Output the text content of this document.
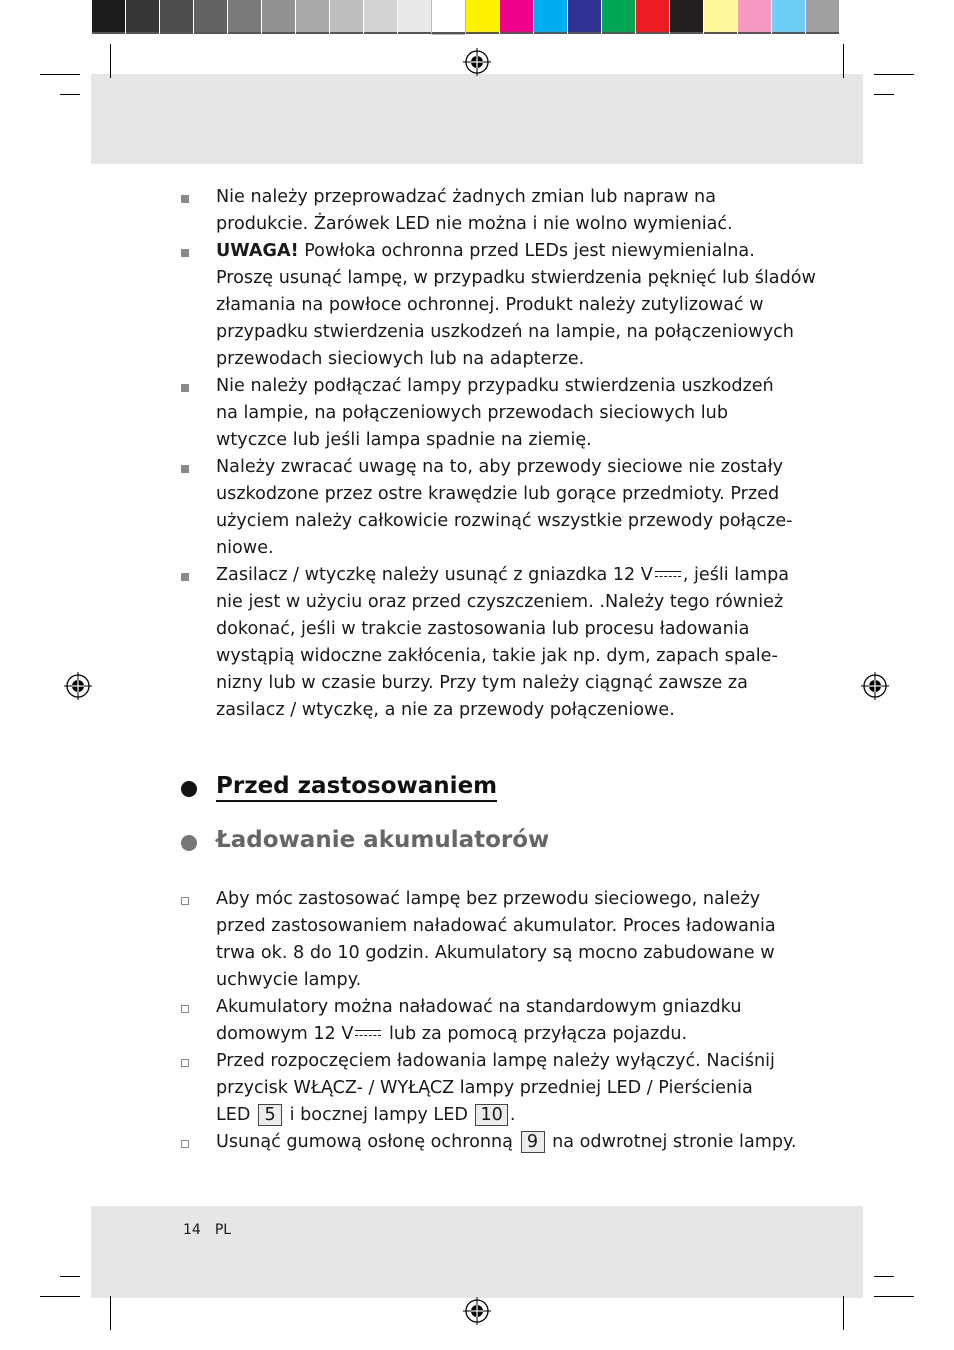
Nie należy przeprowadzać żadnych zmian lub napraw na
produkcie. Żarówek LED nie można i nie wolno wymieniać.
UWAGA! Powłoka ochronna przed LEDs jest niewymienialna.
Proszę usunąć lampę, w przypadku stwierdzenia pęknięć lub śladów
złamania na powłoce ochronnej. Produkt należy zutylizować w
przypadku stwierdzenia uszkodzeń na lampie, na połączeniowych
przewodach sieciowych lub na adapterze.
Nie należy podłączać lampy przypadku stwierdzenia uszkodzeń
na lampie, na połączeniowych przewodach sieciowych lub
wtyczce lub jeśli lampa spadnie na ziemię.
Należy zwracać uwagę na to, aby przewody sieciowe nie zostały
uszkodzone przez ostre krawędzie lub gorące przedmioty. Przed
użyciem należy całkowicie rozwinąć wszystkie przewody połącze-
niowe.
Zasilacz / wtyczkę należy usunąć z gniazdka 12 V , jeśli lampa
nie jest w użyciu oraz przed czyszczeniem. .Należy tego również
dokonać, jeśli w trakcie zastosowania lub procesu ładowania
wystąpią widoczne zakłócenia, takie jak np. dym, zapach spale-
nizny lub w czasie burzy. Przy tym należy ciągnąć zawsze za
zasilacz / wtyczkę, a nie za przewody połączeniowe.
Przed zastosowaniem
Ładowanie akumulatorów
Aby móc zastosować lampę bez przewodu sieciowego, należy
przed zastosowaniem naładować akumulator. Proces ładowania
trwa ok. 8 do 10 godzin. Akumulatory są mocno zabudowane w
uchwycie lampy.
Akumulatory można naładować na standardowym gniazdku
domowym 12 V lub za pomocą przyłącza pojazdu.
Przed rozpoczęciem ładowania lampę należy wyłączyć. Naciśnij
przycisk WŁĄCZ- / WYŁĄCZ lampy przedniej LED / Pierścienia
LED 5 i bocznej lampy LED 10 .
Usunąć gumową osłonę ochronną 9 na odwrotnej stronie lampy.
14 PL
